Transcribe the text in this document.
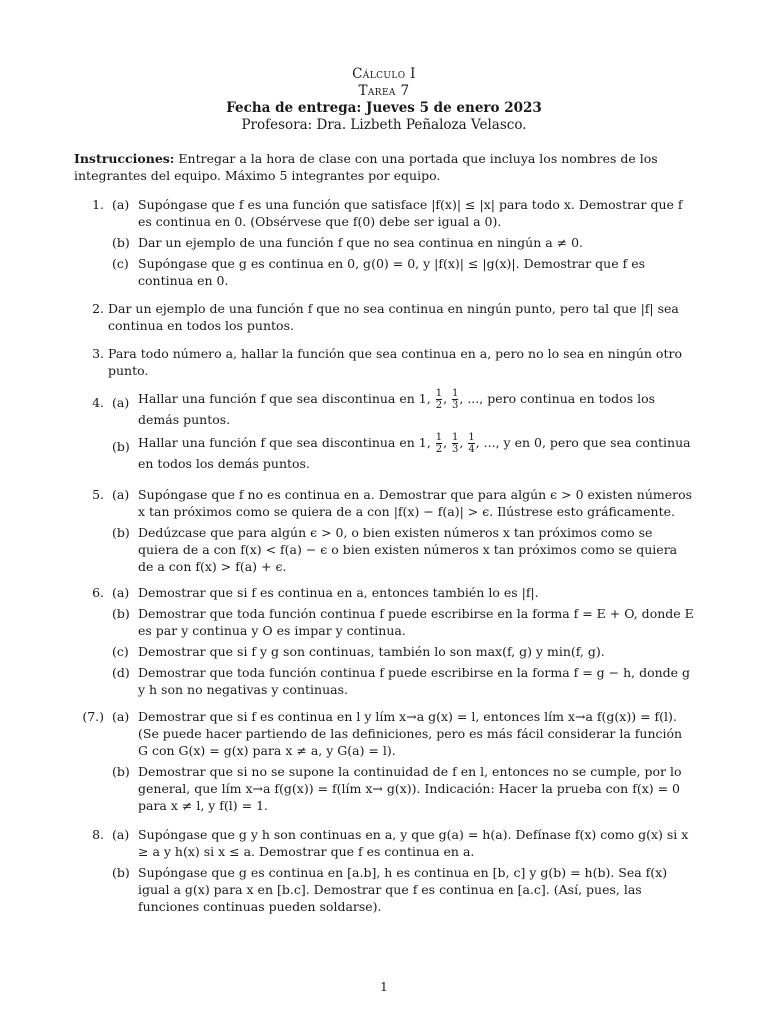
Cálculo I
Tarea 7
Fecha de entrega: Jueves 5 de enero 2023
Profesora: Dra. Lizbeth Peñaloza Velasco.
Instrucciones: Entregar a la hora de clase con una portada que incluya los nombres de los integrantes del equipo. Máximo 5 integrantes por equipo.
1. (a) Supóngase que f es una función que satisface |f(x)| ≤ |x| para todo x. Demostrar que f es continua en 0. (Obsérvese que f(0) debe ser igual a 0).
(b) Dar un ejemplo de una función f que no sea continua en ningún a ≠ 0.
(c) Supóngase que g es continua en 0, g(0) = 0, y |f(x)| ≤ |g(x)|. Demostrar que f es continua en 0.
2. Dar un ejemplo de una función f que no sea continua en ningún punto, pero tal que |f| sea continua en todos los puntos.
3. Para todo número a, hallar la función que sea continua en a, pero no lo sea en ningún otro punto.
4. (a) Hallar una función f que sea discontinua en 1, $\frac{1}{2}$ , $\frac{1}{3}$ , ..., pero continua en todos los demás puntos.
(b) Hallar una función f que sea discontinua en 1, $\frac{1}{2}$ , $\frac{1}{3}$ , $\frac{1}{4}$ , ..., y en 0, pero que sea continua en todos los demás puntos.
5. (a) Supóngase que f no es continua en a. Demostrar que para algún ϵ > 0 existen números x tan próximos como se quiera de a con |f(x) − f(a)| > ϵ. Ilústrese esto gráficamente.
(b) Dedúzcase que para algún ϵ > 0, o bien existen números x tan próximos como se quiera de a con f(x) < f(a) − ϵ o bien existen números x tan próximos como se quiera de a con f(x) > f(a) + ϵ.
6. (a) Demostrar que si f es continua en a, entonces también lo es |f|.
(b) Demostrar que toda función continua f puede escribirse en la forma f = E + O, donde E es par y continua y O es impar y continua.
(c) Demostrar que si f y g son continuas, también lo son max(f, g) y min(f, g).
(d) Demostrar que toda función continua f puede escribirse en la forma f = g − h, donde g y h son no negativas y continuas.
(7.) (a) Demostrar que si f es continua en l y lím x→a g(x) = l, entonces lím x→a f(g(x)) = f(l). (Se puede hacer partiendo de las definiciones, pero es más fácil considerar la función G con G(x) = g(x) para x ≠ a, y G(a) = l).
(b) Demostrar que si no se supone la continuidad de f en l, entonces no se cumple, por lo general, que lím x→a f(g(x)) = f(lím x→ g(x)). Indicación: Hacer la prueba con f(x) = 0 para x ≠ l, y f(l) = 1.
8. (a) Supóngase que g y h son continuas en a, y que g(a) = h(a). Defínase f(x) como g(x) si x ≥ a y h(x) si x ≤ a. Demostrar que f es continua en a.
(b) Supóngase que g es continua en [a.b], h es continua en [b, c] y g(b) = h(b). Sea f(x) igual a g(x) para x en [b.c]. Demostrar que f es continua en [a.c]. (Así, pues, las funciones continuas pueden soldarse).
1
